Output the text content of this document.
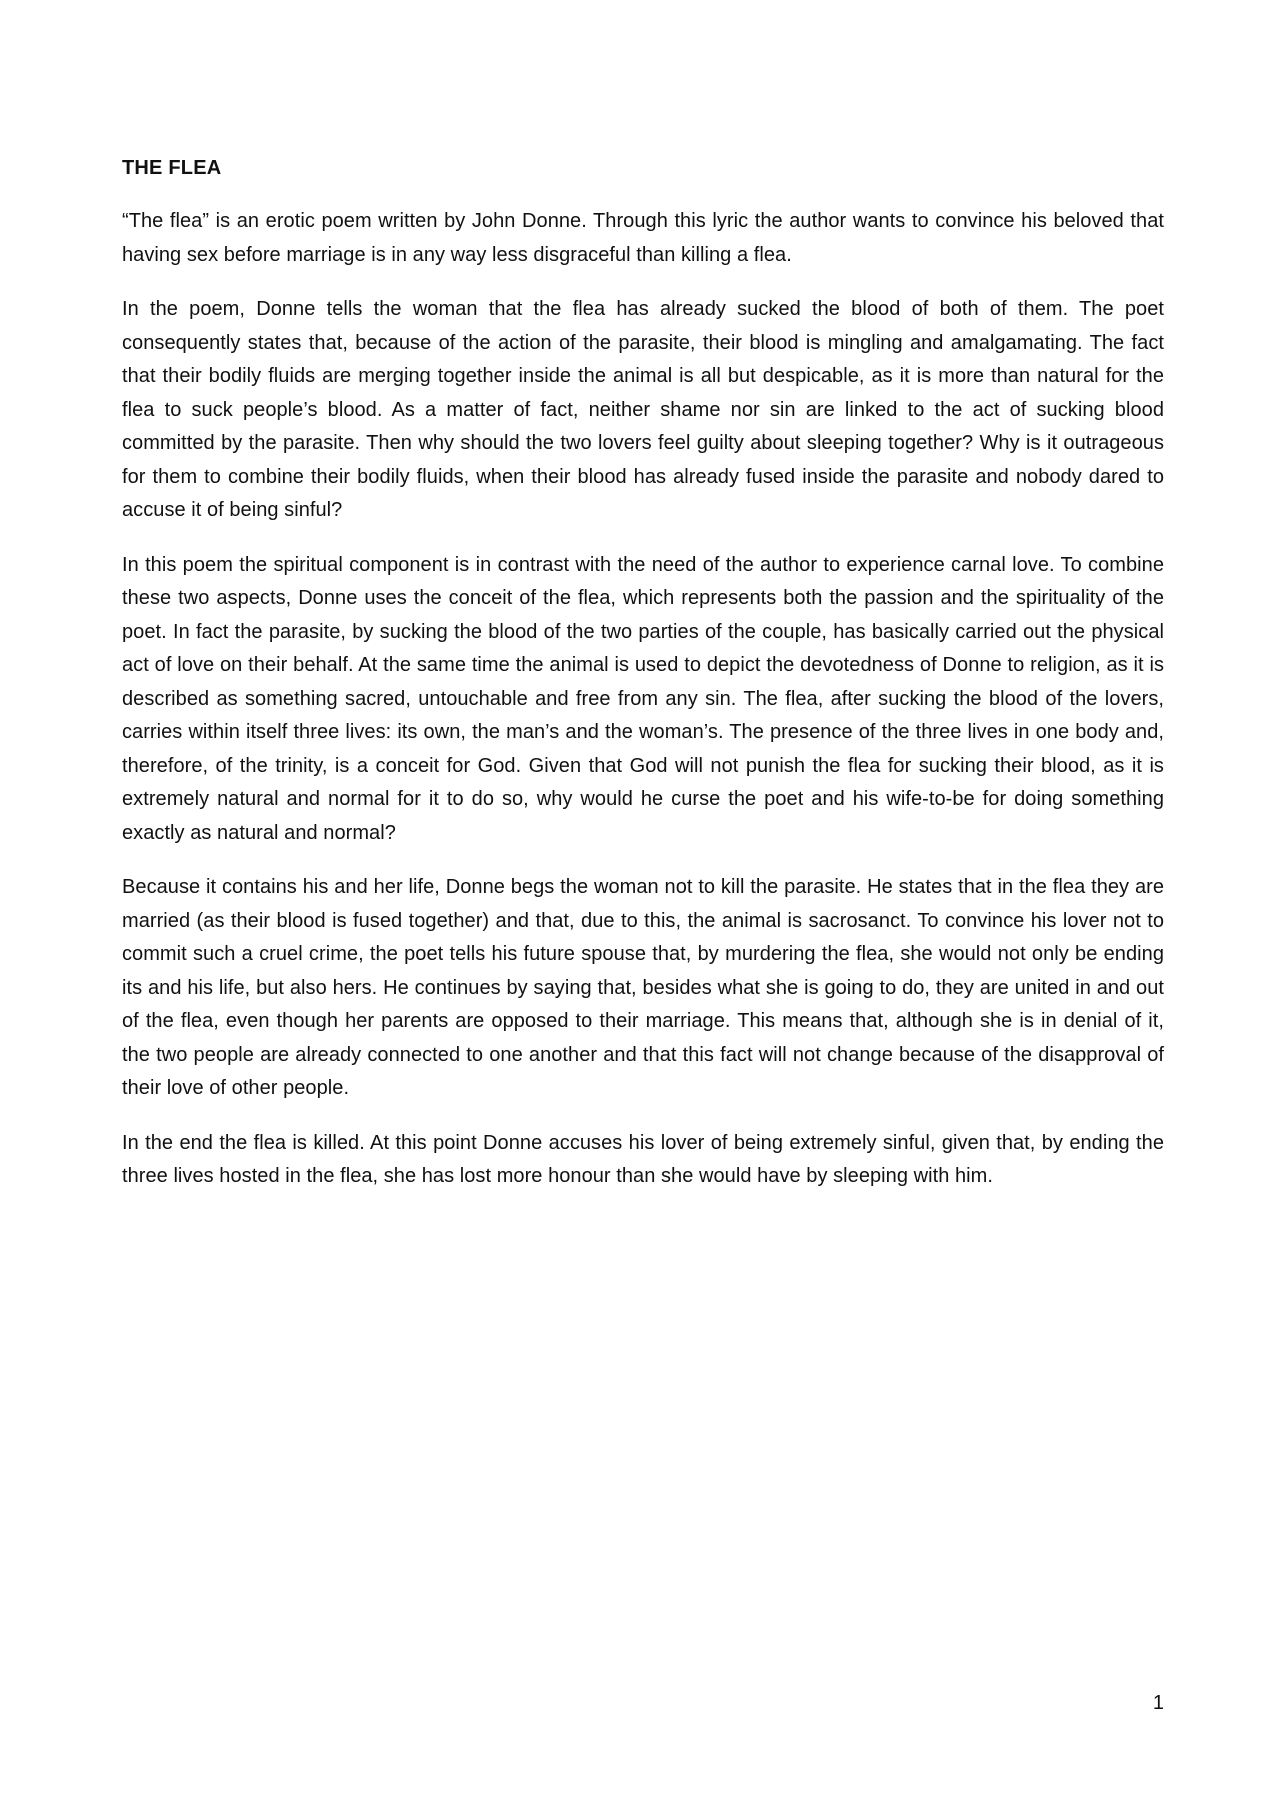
THE FLEA

“The flea” is an erotic poem written by John Donne. Through this lyric the author wants to convince his beloved that having sex before marriage is in any way less disgraceful than killing a flea.

In the poem, Donne tells the woman that the flea has already sucked the blood of both of them. The poet consequently states that, because of the action of the parasite, their blood is mingling and amalgamating. The fact that their bodily fluids are merging together inside the animal is all but despicable, as it is more than natural for the flea to suck people’s blood. As a matter of fact, neither shame nor sin are linked to the act of sucking blood committed by the parasite. Then why should the two lovers feel guilty about sleeping together? Why is it outrageous for them to combine their bodily fluids, when their blood has already fused inside the parasite and nobody dared to accuse it of being sinful?

In this poem the spiritual component is in contrast with the need of the author to experience carnal love. To combine these two aspects, Donne uses the conceit of the flea, which represents both the passion and the spirituality of the poet. In fact the parasite, by sucking the blood of the two parties of the couple, has basically carried out the physical act of love on their behalf. At the same time the animal is used to depict the devotedness of Donne to religion, as it is described as something sacred, untouchable and free from any sin. The flea, after sucking the blood of the lovers, carries within itself three lives: its own, the man’s and the woman’s. The presence of the three lives in one body and, therefore, of the trinity, is a conceit for God. Given that God will not punish the flea for sucking their blood, as it is extremely natural and normal for it to do so, why would he curse the poet and his wife-to-be for doing something exactly as natural and normal?

Because it contains his and her life, Donne begs the woman not to kill the parasite. He states that in the flea they are married (as their blood is fused together) and that, due to this, the animal is sacrosanct. To convince his lover not to commit such a cruel crime, the poet tells his future spouse that, by murdering the flea, she would not only be ending its and his life, but also hers. He continues by saying that, besides what she is going to do, they are united in and out of the flea, even though her parents are opposed to their marriage. This means that, although she is in denial of it, the two people are already connected to one another and that this fact will not change because of the disapproval of their love of other people.

In the end the flea is killed. At this point Donne accuses his lover of being extremely sinful, given that, by ending the three lives hosted in the flea, she has lost more honour than she would have by sleeping with him.

1
